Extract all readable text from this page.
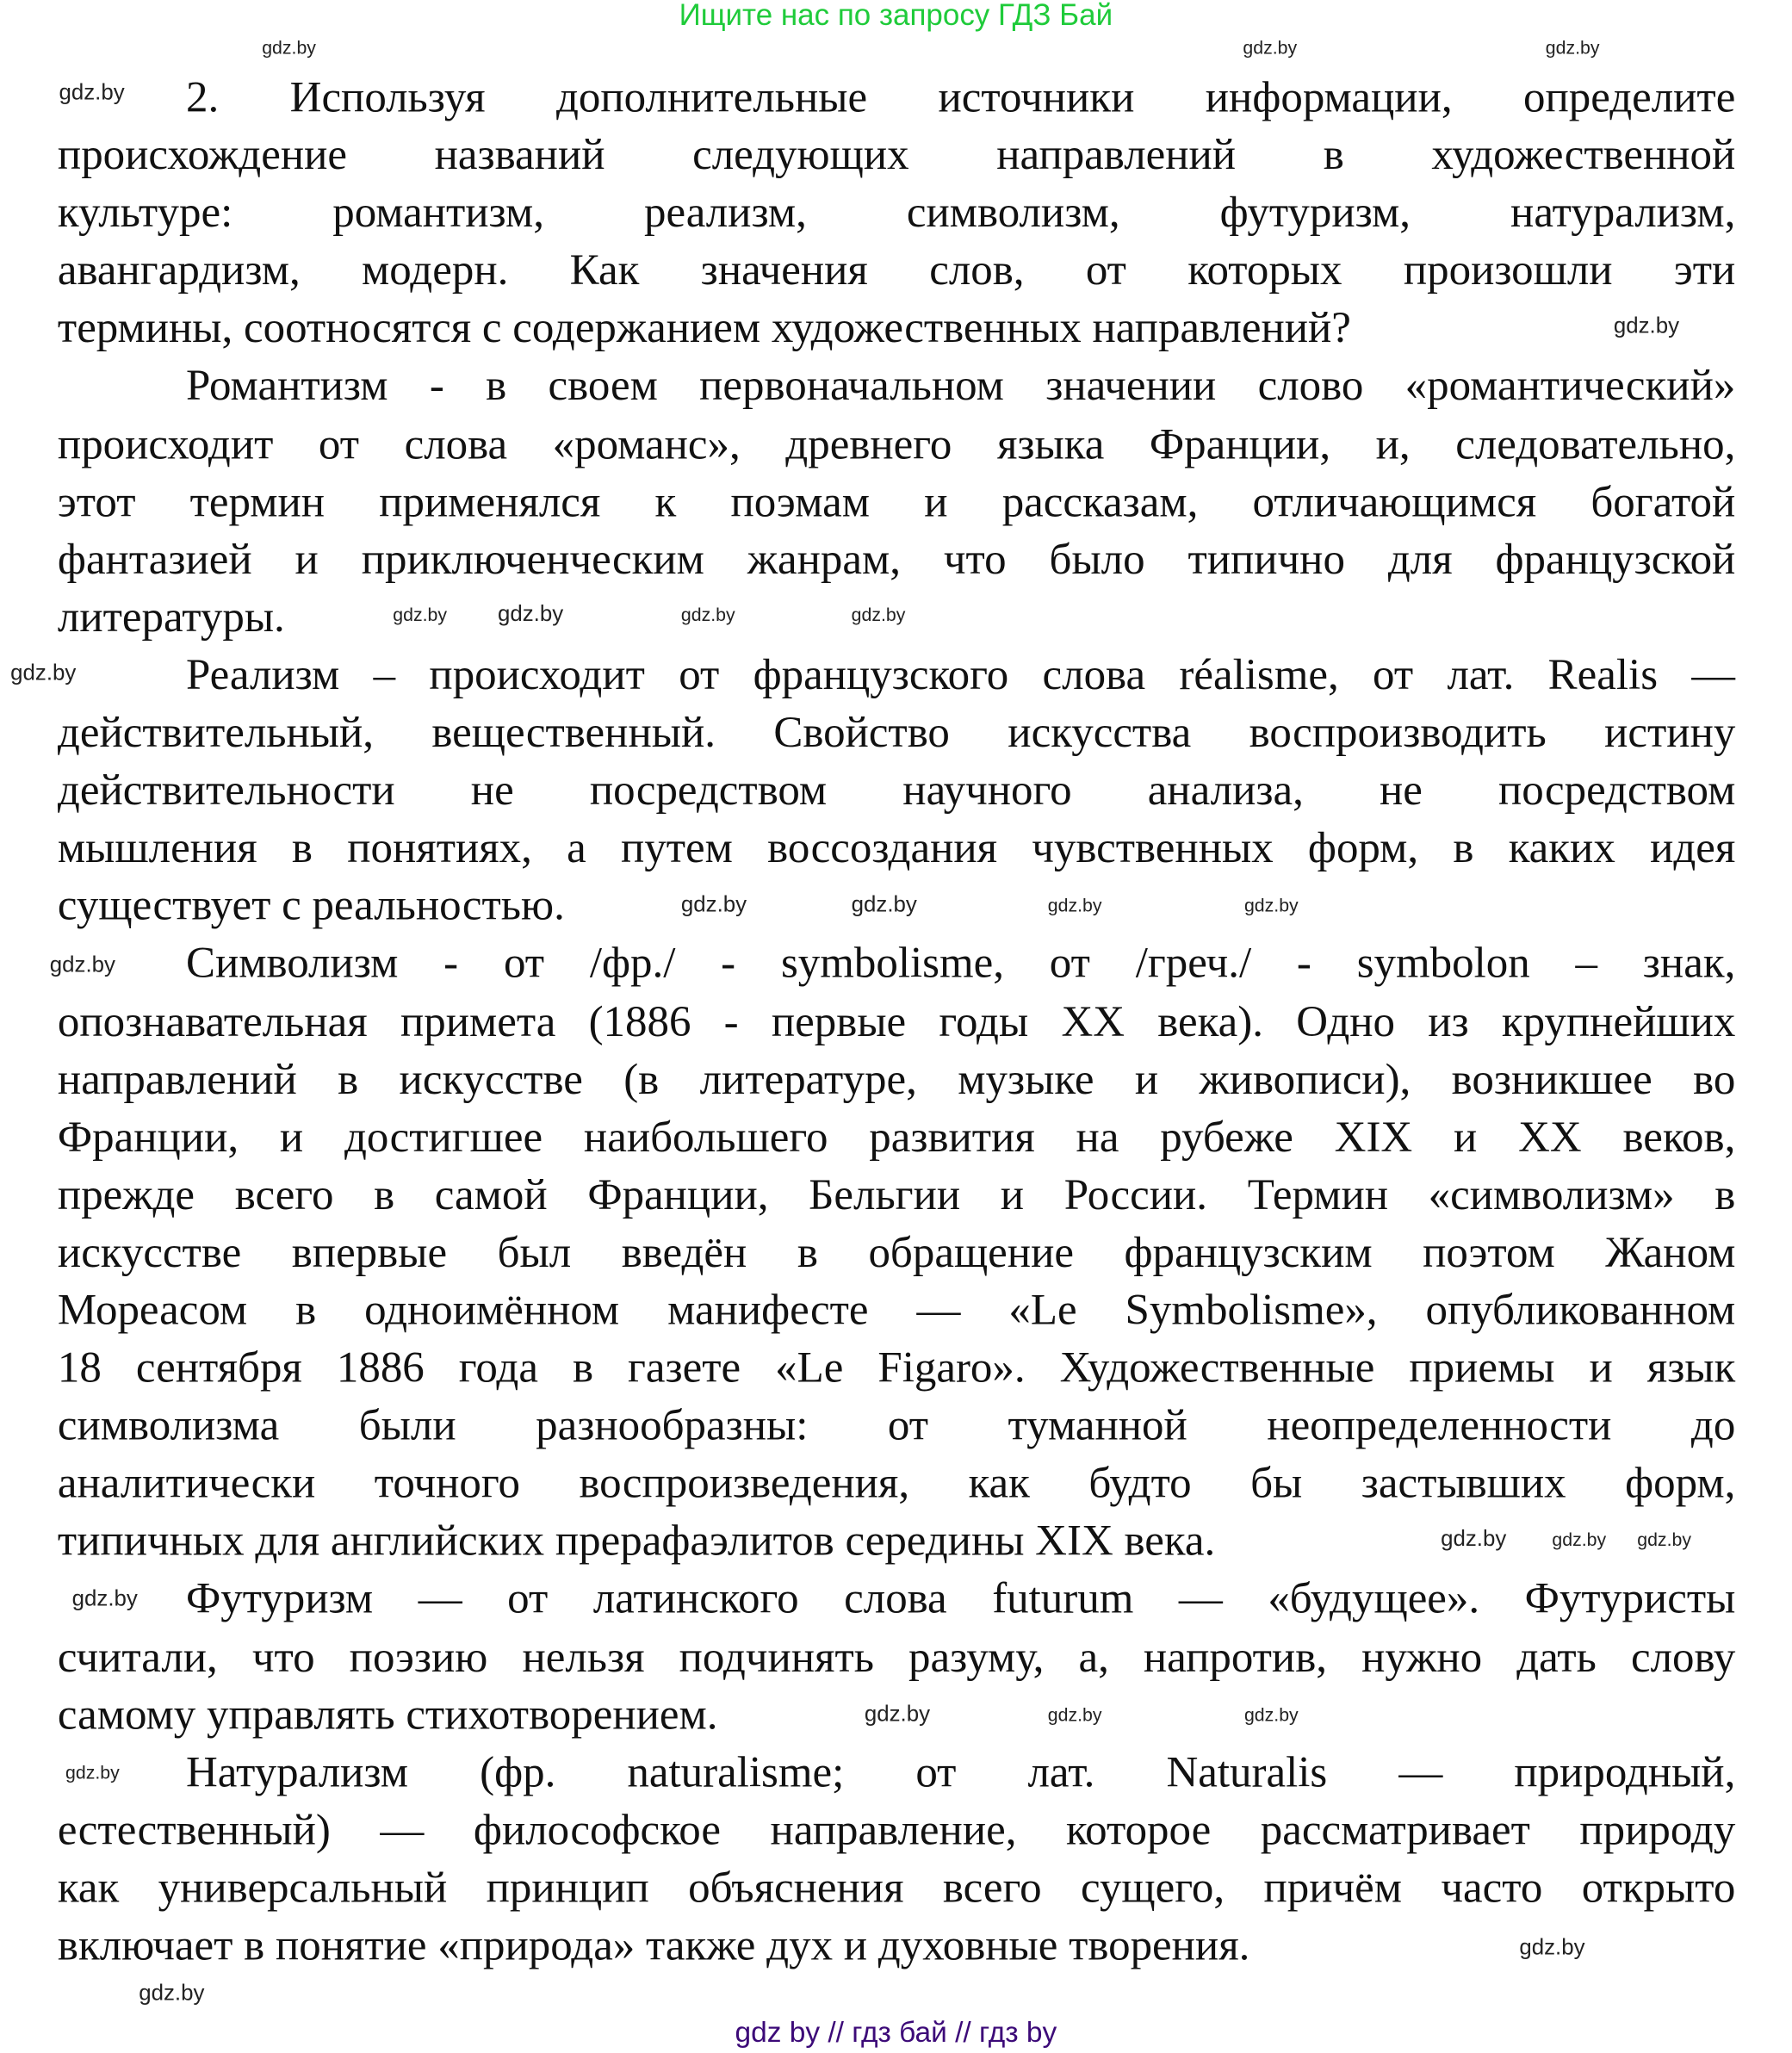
Ищите нас по запросу ГДЗ Бай
2. Используя дополнительные источники информации, определите
происхождение названий следующих направлений в художественной
культуре: романтизм, реализм, символизм, футуризм, натурализм,
авангардизм, модерн. Как значения слов, от которых произошли эти
термины, соотносятся с содержанием художественных направлений?
Романтизм - в своем первоначальном значении слово «романтический»
происходит от слова «романс», древнего языка Франции, и, следовательно,
этот термин применялся к поэмам и рассказам, отличающимся богатой
фантазией и приключенческим жанрам, что было типично для французской
литературы.
Реализм – происходит от французского слова réalisme, от лат. Realis —
действительный, вещественный. Свойство искусства воспроизводить истину
действительности не посредством научного анализа, не посредством
мышления в понятиях, а путем воссоздания чувственных форм, в каких идея
существует с реальностью.
Символизм - от /фр./ - symbolisme, от /греч./ - symbolon – знак,
опознавательная примета (1886 - первые годы XX века). Одно из крупнейших
направлений в искусстве (в литературе, музыке и живописи), возникшее во
Франции, и достигшее наибольшего развития на рубеже XIX и XX веков,
прежде всего в самой Франции, Бельгии и России. Термин «символизм» в
искусстве впервые был введён в обращение французским поэтом Жаном
Мореасом в одноимённом манифесте — «Le Symbolisme», опубликованном
18 сентября 1886 года в газете «Le Figaro». Художественные приемы и язык
символизма были разнообразны: от туманной неопределенности до
аналитически точного воспроизведения, как будто бы застывших форм,
типичных для английских прерафаэлитов середины XIX века.
Футуризм — от латинского слова futurum — «будущее». Футуристы
считали, что поэзию нельзя подчинять разуму, а, напротив, нужно дать слову
самому управлять стихотворением.
Натурализм (фр. naturalisme; от лат. Naturalis — природный,
естественный) — философское направление, которое рассматривает природу
как универсальный принцип объяснения всего сущего, причём часто открыто
включает в понятие «природа» также дух и духовные творения.
gdz.by
gdz.by	gdz.by
gdz.by
gdz.by
gdz.by	gdz.by
gdz.by
gdz.by
gdz.by
gdz.by
gdz.by
gdz.by	gdz.by	gdz.by
gdz.by	gdz.by
gdz.by
gdz.by
gdz.by
gdz.by
gdz.by
gdz.by
gdz.by
gdz.by
gdz by // гдз бай // гдз by
